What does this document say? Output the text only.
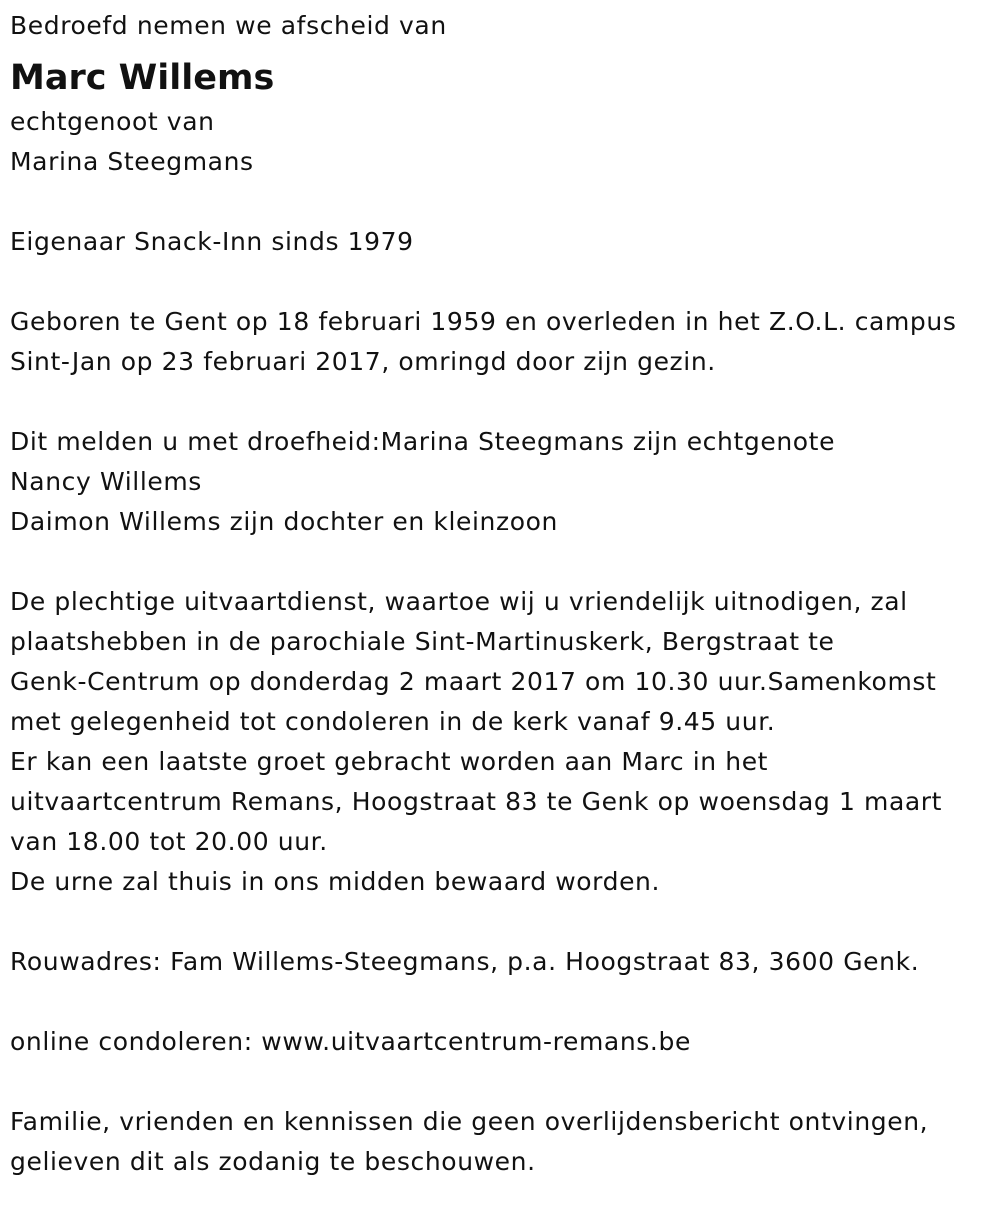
Bedroefd nemen we afscheid van
Marc Willems
echtgenoot van
Marina Steegmans
Eigenaar Snack-Inn sinds 1979
Geboren te Gent op 18 februari 1959 en overleden in het Z.O.L. campus
Sint-Jan op 23 februari 2017, omringd door zijn gezin.
Dit melden u met droefheid:Marina Steegmans zijn echtgenote
Nancy Willems
Daimon Willems zijn dochter en kleinzoon
De plechtige uitvaartdienst, waartoe wij u vriendelijk uitnodigen, zal
plaatshebben in de parochiale Sint-Martinuskerk, Bergstraat te
Genk-Centrum op donderdag 2 maart 2017 om 10.30 uur.Samenkomst
met gelegenheid tot condoleren in de kerk vanaf 9.45 uur.
Er kan een laatste groet gebracht worden aan Marc in het
uitvaartcentrum Remans, Hoogstraat 83 te Genk op woensdag 1 maart
van 18.00 tot 20.00 uur.
De urne zal thuis in ons midden bewaard worden.
Rouwadres: Fam Willems-Steegmans, p.a. Hoogstraat 83, 3600 Genk.
online condoleren: www.uitvaartcentrum-remans.be
Familie, vrienden en kennissen die geen overlijdensbericht ontvingen,
gelieven dit als zodanig te beschouwen.
